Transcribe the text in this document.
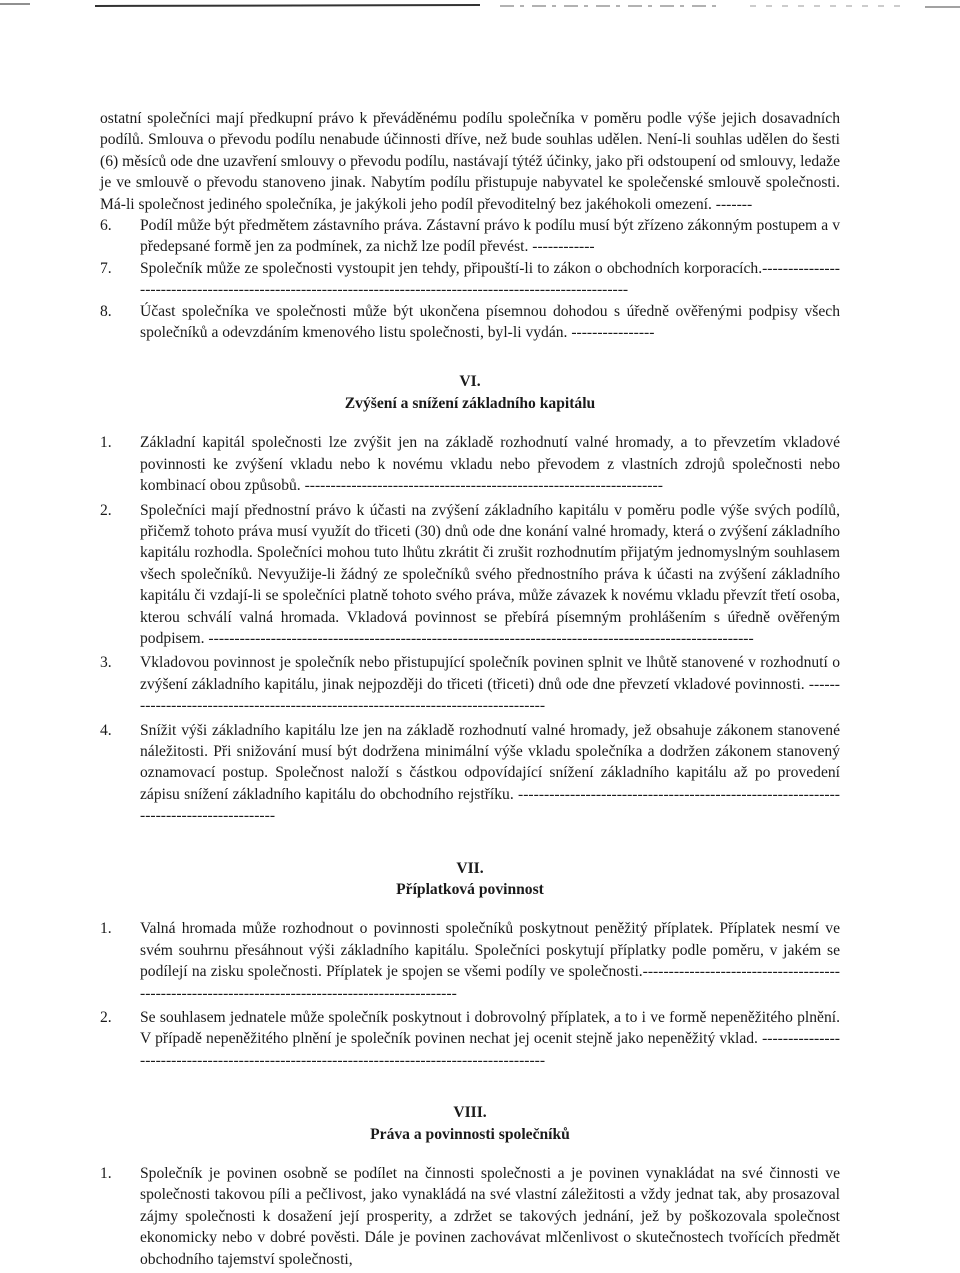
ostatní společníci mají předkupní právo k převáděnému podílu společníka v poměru podle výše jejich dosavadních podílů. Smlouva o převodu podílu nenabude účinnosti dříve, než bude souhlas udělen. Není-li souhlas udělen do šesti (6) měsíců ode dne uzavření smlouvy o převodu podílu, nastávají týtéž účinky, jako při odstoupení od smlouvy, ledaže je ve smlouvě o převodu stanoveno jinak. Nabytím podílu přistupuje nabyvatel ke společenské smlouvě společnosti. Má-li společnost jediného společníka, je jakýkoli jeho podíl převoditelný bez jakéhokoli omezení. -------

6.	Podíl může být předmětem zástavního práva. Zástavní právo k podílu musí být zřízeno zákonným postupem a v předepsané formě jen za podmínek, za nichž lze podíl převést. ------------
7.	Společník může ze společnosti vystoupit jen tehdy, připouští-li to zákon o obchodních korporacích.-------------------------------------------------------------------------------------------------------------
8.	Účast společníka ve společnosti může být ukončena písemnou dohodou s úředně ověřenými podpisy všech společníků a odevzdáním kmenového listu společnosti, byl-li vydán. ----------------

VI.

Zvýšení a snížení základního kapitálu

1.	Základní kapitál společnosti lze zvýšit jen na základě rozhodnutí valné hromady, a to převzetím vkladové povinnosti ke zvýšení vkladu nebo k novému vkladu nebo převodem z vlastních zdrojů společnosti nebo kombinací obou způsobů. ---------------------------------------------------------------------
2.	Společníci mají přednostní právo k účasti na zvýšení základního kapitálu v poměru podle výše svých podílů, přičemž tohoto práva musí využít do třiceti (30) dnů ode dne konání valné hromady, která o zvýšení základního kapitálu rozhodla. Společníci mohou tuto lhůtu zkrátit či zrušit rozhodnutím přijatým jednomyslným souhlasem všech společníků. Nevyužije-li žádný ze společníků svého přednostního práva k účasti na zvýšení základního kapitálu či vzdají-li se společníci platně tohoto svého práva, může závazek k novému vkladu převzít třetí osoba, kterou schválí valná hromada. Vkladová povinnost se přebírá písemným prohlášením s úředně ověřeným podpisem. ---------------------------------------------------------------------------------------------------------
3.	Vkladovou povinnost je společník nebo přistupující společník povinen splnit ve lhůtě stanovené v rozhodnutí o zvýšení základního kapitálu, jinak nejpozději do třiceti (třiceti) dnů ode dne převzetí vkladové povinnosti. ------------------------------------------------------------------------------------
4.	Snížit výši základního kapitálu lze jen na základě rozhodnutí valné hromady, jež obsahuje zákonem stanovené náležitosti. Při snižování musí být dodržena minimální výše vkladu společníka a dodržen zákonem stanovený oznamovací postup. Společnost naloží s částkou odpovídající snížení základního kapitálu až po provedení zápisu snížení základního kapitálu do obchodního rejstříku. ----------------------------------------------------------------------------------------

VII.

Příplatková povinnost

1.	Valná hromada může rozhodnout o povinnosti společníků poskytnout peněžitý příplatek. Příplatek nesmí ve svém souhrnu přesáhnout výši základního kapitálu. Společníci poskytují příplatky podle poměru, v jakém se podílejí na zisku společnosti. Příplatek je spojen se všemi podíly ve společnosti.---------------------------------------------------------------------------------------------------
2.	Se souhlasem jednatele může společník poskytnout i dobrovolný příplatek, a to i ve formě nepeněžitého plnění. V případě nepeněžitého plnění je společník povinen nechat jej ocenit stejně jako nepeněžitý vklad. ---------------------------------------------------------------------------------------------

VIII.

Práva a povinnosti společníků

1.	Společník je povinen osobně se podílet na činnosti společnosti a je povinen vynakládat na své činnosti ve společnosti takovou píli a pečlivost, jako vynakládá na své vlastní záležitosti a vždy jednat tak, aby prosazoval zájmy společnosti k dosažení její prosperity, a zdržet se takových jednání, jež by poškozovala společnost ekonomicky nebo v dobré pověsti. Dále je povinen zachovávat mlčenlivost o skutečnostech tvořících předmět obchodního tajemství společnosti,
